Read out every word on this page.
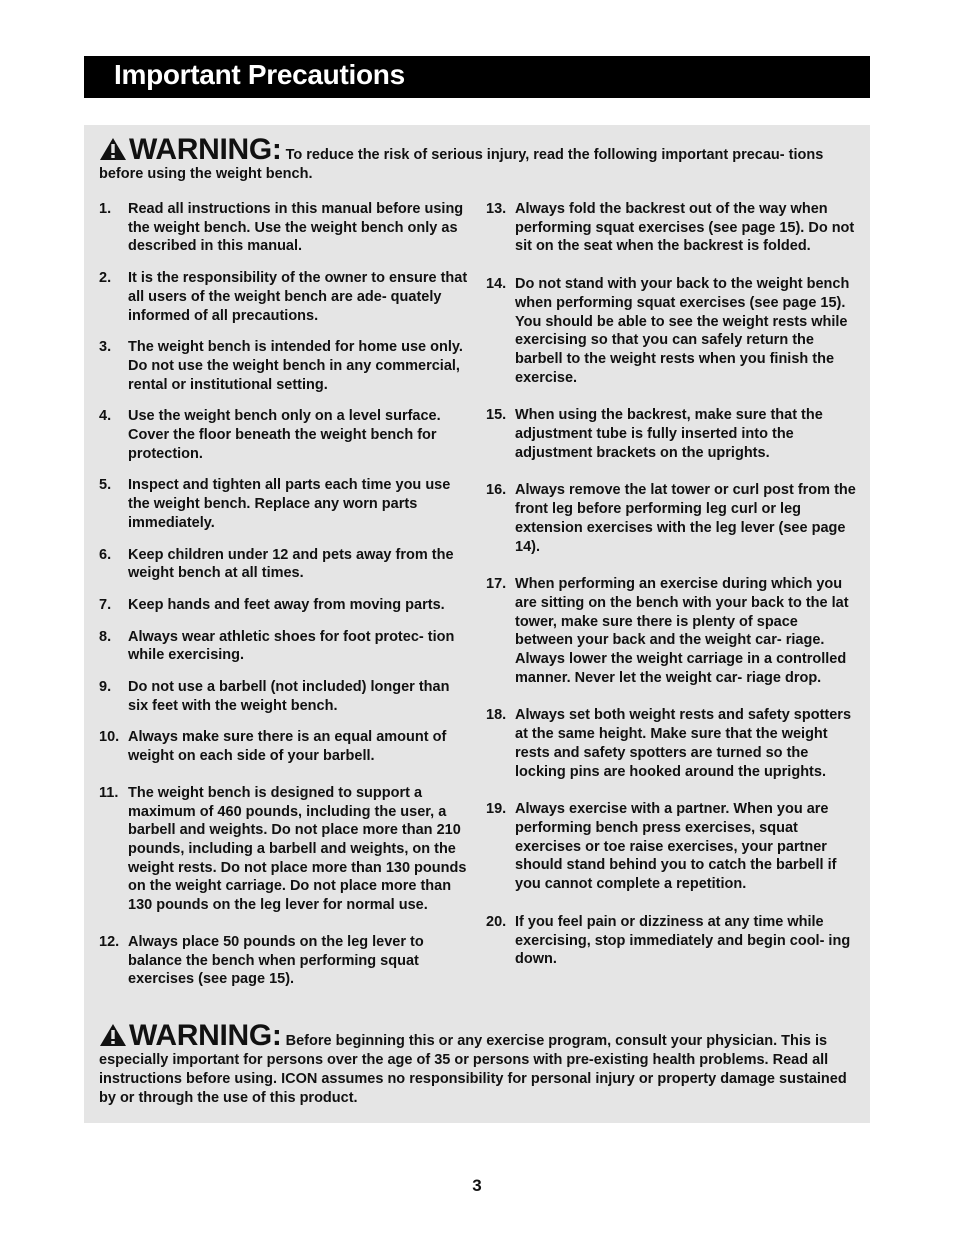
Important Precautions
WARNING: To reduce the risk of serious injury, read the following important precau- tions before using the weight bench.
1. Read all instructions in this manual before using the weight bench. Use the weight bench only as described in this manual.
2. It is the responsibility of the owner to ensure that all users of the weight bench are ade- quately informed of all precautions.
3. The weight bench is intended for home use only. Do not use the weight bench in any commercial, rental or institutional setting.
4. Use the weight bench only on a level surface. Cover the floor beneath the weight bench for protection.
5. Inspect and tighten all parts each time you use the weight bench. Replace any worn parts immediately.
6. Keep children under 12 and pets away from the weight bench at all times.
7. Keep hands and feet away from moving parts.
8. Always wear athletic shoes for foot protec- tion while exercising.
9. Do not use a barbell (not included) longer than six feet with the weight bench.
10. Always make sure there is an equal amount of weight on each side of your barbell.
11. The weight bench is designed to support a maximum of 460 pounds, including the user, a barbell and weights. Do not place more than 210 pounds, including a barbell and weights, on the weight rests. Do not place more than 130 pounds on the weight carriage. Do not place more than 130 pounds on the leg lever for normal use.
12. Always place 50 pounds on the leg lever to balance the bench when performing squat exercises (see page 15).
13. Always fold the backrest out of the way when performing squat exercises (see page 15). Do not sit on the seat when the backrest is folded.
14. Do not stand with your back to the weight bench when performing squat exercises (see page 15). You should be able to see the weight rests while exercising so that you can safely return the barbell to the weight rests when you finish the exercise.
15. When using the backrest, make sure that the adjustment tube is fully inserted into the adjustment brackets on the uprights.
16. Always remove the lat tower or curl post from the front leg before performing leg curl or leg extension exercises with the leg lever (see page 14).
17. When performing an exercise during which you are sitting on the bench with your back to the lat tower, make sure there is plenty of space between your back and the weight car- riage. Always lower the weight carriage in a controlled manner. Never let the weight car- riage drop.
18. Always set both weight rests and safety spotters at the same height. Make sure that the weight rests and safety spotters are turned so the locking pins are hooked around the uprights.
19. Always exercise with a partner. When you are performing bench press exercises, squat exercises or toe raise exercises, your partner should stand behind you to catch the barbell if you cannot complete a repetition.
20. If you feel pain or dizziness at any time while exercising, stop immediately and begin cool- ing down.
WARNING: Before beginning this or any exercise program, consult your physician. This is especially important for persons over the age of 35 or persons with pre-existing health problems. Read all instructions before using. ICON assumes no responsibility for personal injury or property damage sustained by or through the use of this product.
3
